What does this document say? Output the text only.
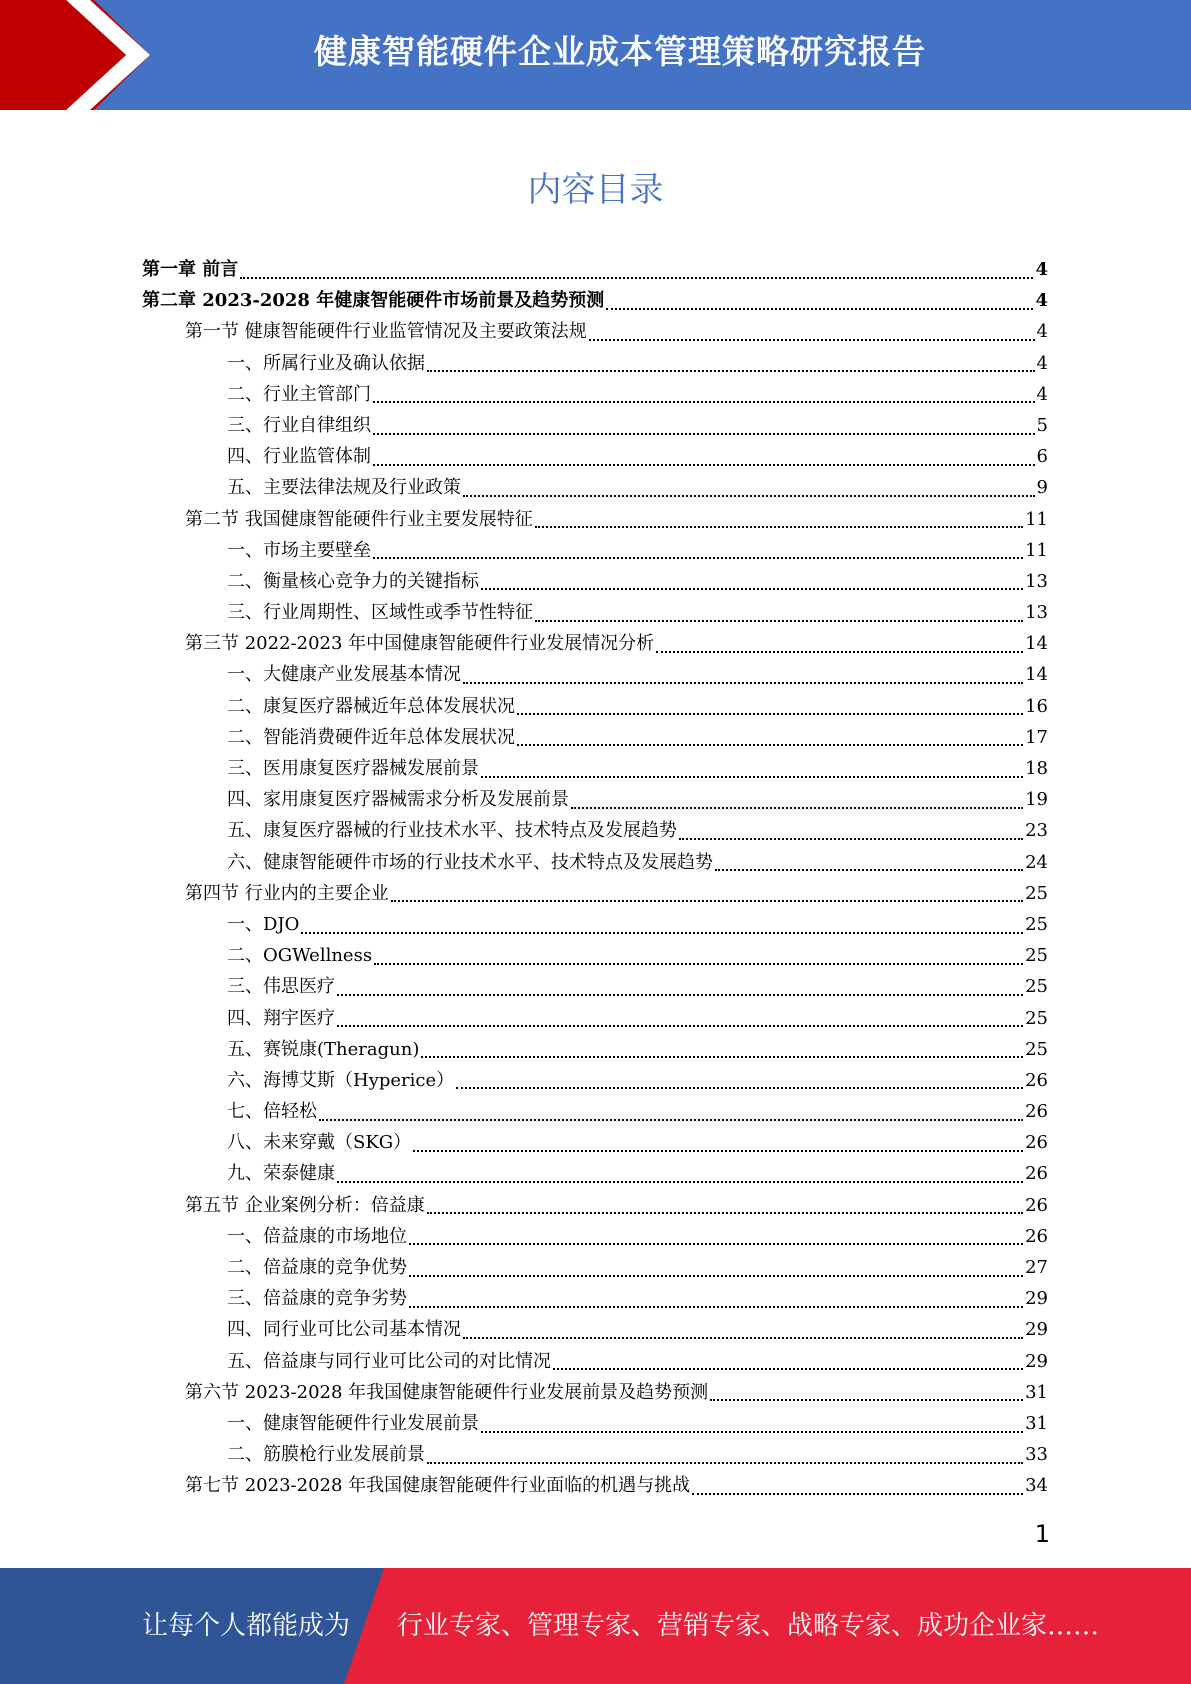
健康智能硬件企业成本管理策略研究报告
内容目录
第一章 前言	4
第二章 2023-2028 年健康智能硬件市场前景及趋势预测	4
第一节 健康智能硬件行业监管情况及主要政策法规	4
一、所属行业及确认依据	4
二、行业主管部门	4
三、行业自律组织	5
四、行业监管体制	6
五、主要法律法规及行业政策	9
第二节 我国健康智能硬件行业主要发展特征	11
一、市场主要壁垒	11
二、衡量核心竞争力的关键指标	13
三、行业周期性、区域性或季节性特征	13
第三节 2022-2023 年中国健康智能硬件行业发展情况分析	14
一、大健康产业发展基本情况	14
二、康复医疗器械近年总体发展状况	16
二、智能消费硬件近年总体发展状况	17
三、医用康复医疗器械发展前景	18
四、家用康复医疗器械需求分析及发展前景	19
五、康复医疗器械的行业技术水平、技术特点及发展趋势	23
六、健康智能硬件市场的行业技术水平、技术特点及发展趋势	24
第四节 行业内的主要企业	25
一、DJO	25
二、OGWellness	25
三、伟思医疗	25
四、翔宇医疗	25
五、赛锐康(Theragun)	25
六、海博艾斯（Hyperice）	26
七、倍轻松	26
八、未来穿戴（SKG）	26
九、荣泰健康	26
第五节 企业案例分析：倍益康	26
一、倍益康的市场地位	26
二、倍益康的竞争优势	27
三、倍益康的竞争劣势	29
四、同行业可比公司基本情况	29
五、倍益康与同行业可比公司的对比情况	29
第六节 2023-2028 年我国健康智能硬件行业发展前景及趋势预测	31
一、健康智能硬件行业发展前景	31
二、筋膜枪行业发展前景	33
第七节 2023-2028 年我国健康智能硬件行业面临的机遇与挑战	34
1
让每个人都能成为 行业专家、管理专家、营销专家、战略专家、成功企业家……
